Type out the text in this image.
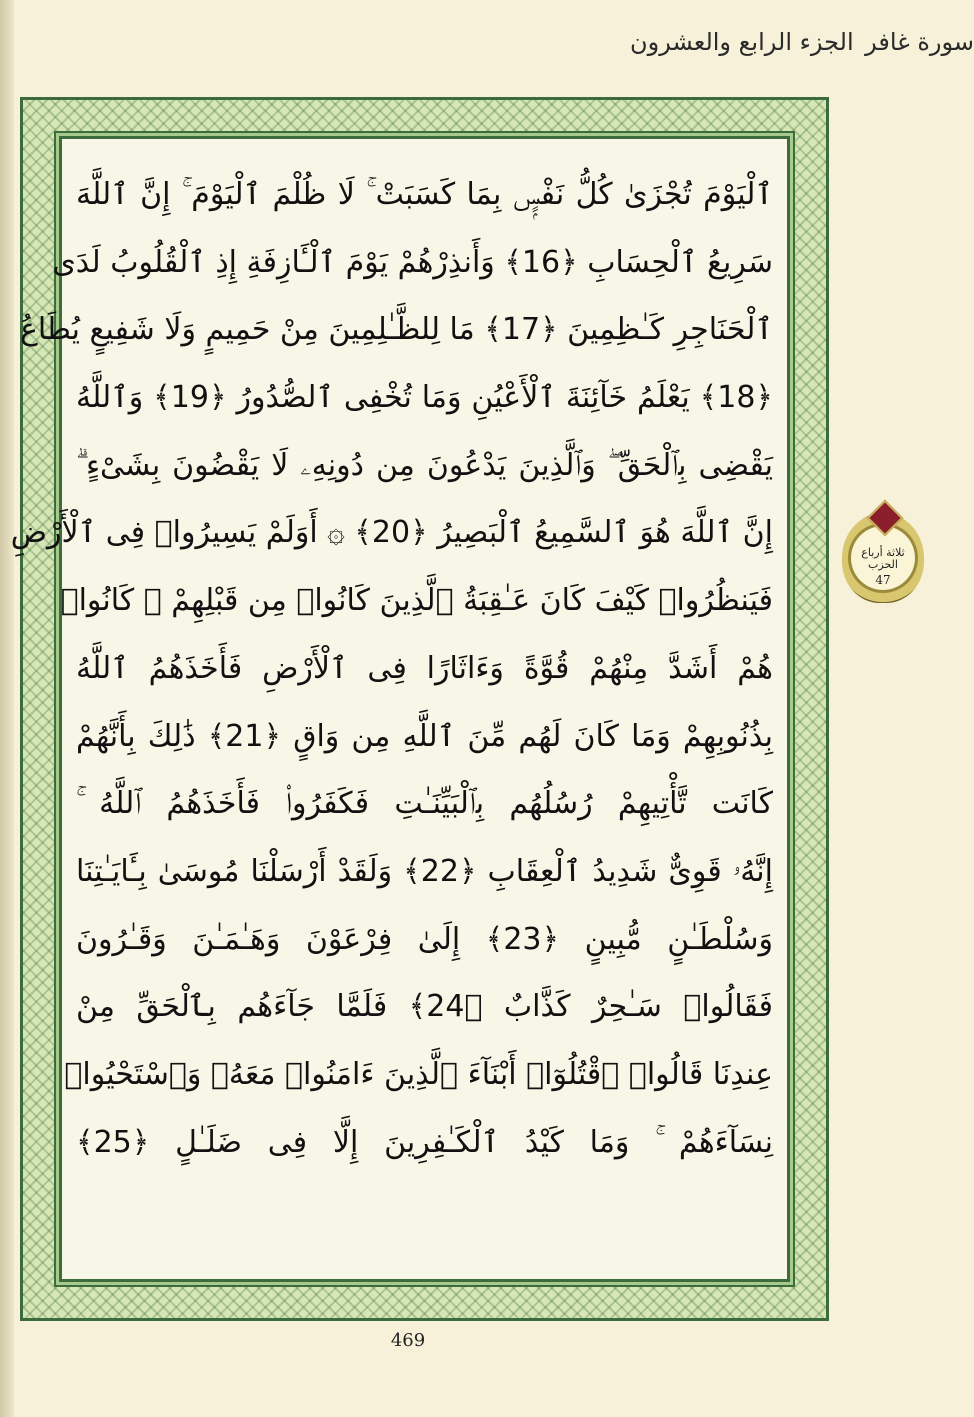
الجزء الرابع والعشرون سورة غافر
ٱلْيَوْمَ تُجْزَىٰ كُلُّ نَفْسٍۭ بِمَا كَسَبَتْ ۚ لَا ظُلْمَ ٱلْيَوْمَ ۚ إِنَّ ٱللَّهَ
سَرِيعُ ٱلْحِسَابِ ﴿16﴾ وَأَنذِرْهُمْ يَوْمَ ٱلْـَٔازِفَةِ إِذِ ٱلْقُلُوبُ لَدَى
ٱلْحَنَاجِرِ كَـٰظِمِينَ ﴿17﴾ مَا لِلظَّـٰلِمِينَ مِنْ حَمِيمٍ وَلَا شَفِيعٍ يُطَاعُ
﴿18﴾ يَعْلَمُ خَآئِنَةَ ٱلْأَعْيُنِ وَمَا تُخْفِى ٱلصُّدُورُ ﴿19﴾ وَٱللَّهُ
يَقْضِى بِٱلْحَقِّ ۖ وَٱلَّذِينَ يَدْعُونَ مِن دُونِهِۦ لَا يَقْضُونَ بِشَىْءٍ ۗ
إِنَّ ٱللَّهَ هُوَ ٱلسَّمِيعُ ٱلْبَصِيرُ ﴿20﴾ ۞ أَوَلَمْ يَسِيرُوا۟ فِى ٱلْأَرْضِ
فَيَنظُرُوا۟ كَيْفَ كَانَ عَـٰقِبَةُ ٱلَّذِينَ كَانُوا۟ مِن قَبْلِهِمْ ۚ كَانُوا۟
هُمْ أَشَدَّ مِنْهُمْ قُوَّةً وَءَاثَارًا فِى ٱلْأَرْضِ فَأَخَذَهُمُ ٱللَّهُ
بِذُنُوبِهِمْ وَمَا كَانَ لَهُم مِّنَ ٱللَّهِ مِن وَاقٍ ﴿21﴾ ذَٰلِكَ بِأَنَّهُمْ
كَانَت تَّأْتِيهِمْ رُسُلُهُم بِٱلْبَيِّنَـٰتِ فَكَفَرُوا۟ فَأَخَذَهُمُ ٱللَّهُ ۚ
إِنَّهُۥ قَوِىٌّ شَدِيدُ ٱلْعِقَابِ ﴿22﴾ وَلَقَدْ أَرْسَلْنَا مُوسَىٰ بِـَٔايَـٰتِنَا
وَسُلْطَـٰنٍ مُّبِينٍ ﴿23﴾ إِلَىٰ فِرْعَوْنَ وَهَـٰمَـٰنَ وَقَـٰرُونَ
فَقَالُوا۟ سَـٰحِرٌ كَذَّابٌ ﴿24﴾ فَلَمَّا جَآءَهُم بِٱلْحَقِّ مِنْ
عِندِنَا قَالُوا۟ ٱقْتُلُوٓا۟ أَبْنَآءَ ٱلَّذِينَ ءَامَنُوا۟ مَعَهُۥ وَٱسْتَحْيُوا۟
نِسَآءَهُمْ ۚ وَمَا كَيْدُ ٱلْكَـٰفِرِينَ إِلَّا فِى ضَلَـٰلٍ ﴿25﴾
ثلاثة أرباع الحزب
47
469
